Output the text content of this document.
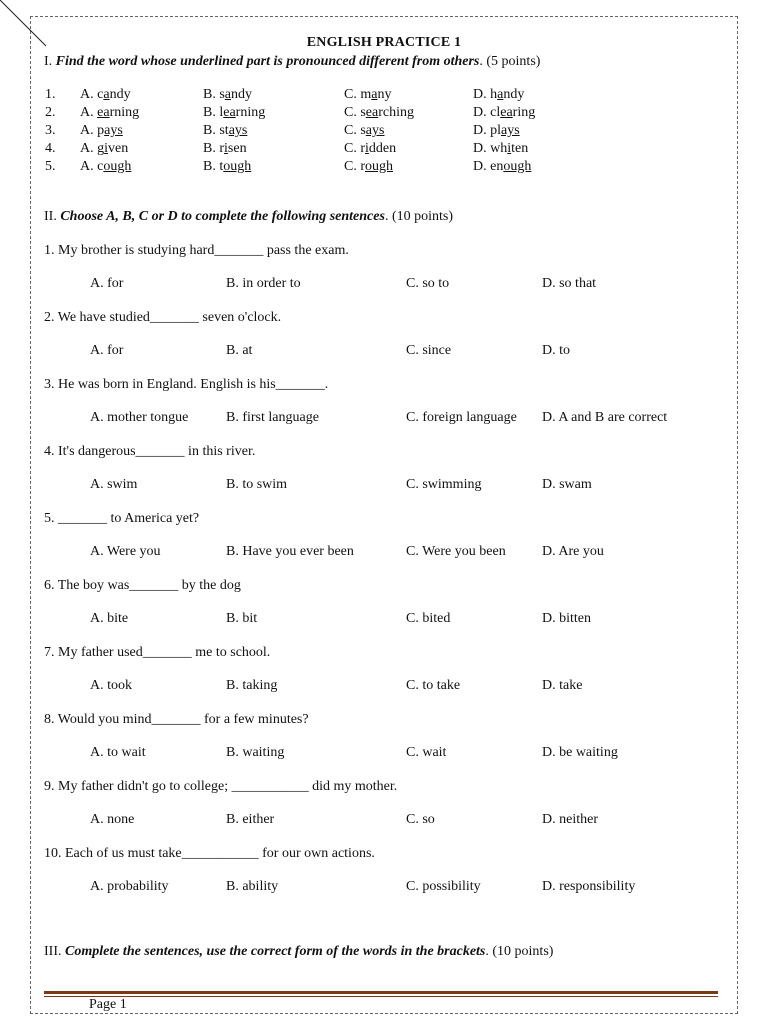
ENGLISH PRACTICE 1
I. Find the word whose underlined part is pronounced different from others. (5 points)
1. A. candy	B. sandy	C. many	D. handy
2. A. earning	B. learning	C. searching	D. clearing
3. A. pays	B. stays	C. says	D. plays
4. A. given	B. risen	C. ridden	D. whiten
5. A. cough	B. tough	C. rough	D. enough
II. Choose A, B, C or D to complete the following sentences. (10 points)
1. My brother is studying hard_______ pass the exam.
A. for	B. in order to	C. so to	D. so that
2. We have studied_______ seven o'clock.
A. for	B. at	C. since	D. to
3. He was born in England. English is his_______.
A. mother tongue	B. first language	C. foreign language D. A and B are correct
4. It's dangerous_______ in this river.
A. swim	B. to swim	C. swimming	D. swam
5. _______ to America yet?
A. Were you	B. Have you ever been	C. Were you been	D. Are you
6. The boy was_______ by the dog
A. bite	B. bit	C. bited	D. bitten
7. My father used_______ me to school.
A. took	B. taking	C. to take	D. take
8. Would you mind_______ for a few minutes?
A. to wait	B. waiting	C. wait	D. be waiting
9. My father didn't go to college; ___________ did my mother.
A. none	B. either	C. so	D. neither
10. Each of us must take___________ for our own actions.
A. probability	B. ability	C. possibility	D. responsibility
III. Complete the sentences, use the correct form of the words in the brackets. (10 points)
Page 1
